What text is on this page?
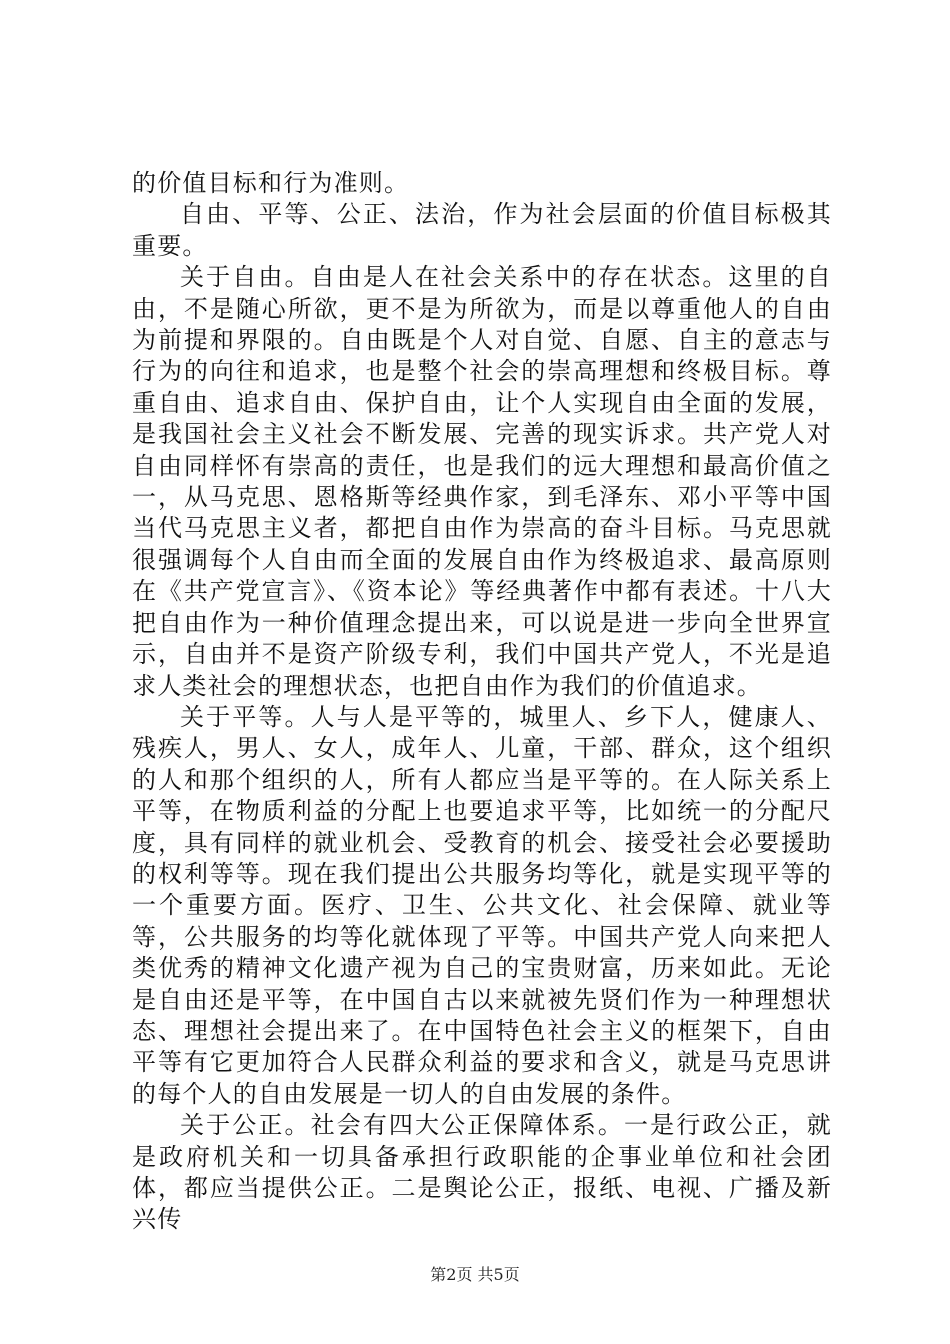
的价值目标和行为准则。

自由、平等、公正、法治，作为社会层面的价值目标极其重要。

关于自由。自由是人在社会关系中的存在状态。这里的自由，不是随心所欲，更不是为所欲为，而是以尊重他人的自由为前提和界限的。自由既是个人对自觉、自愿、自主的意志与行为的向往和追求，也是整个社会的崇高理想和终极目标。尊重自由、追求自由、保护自由，让个人实现自由全面的发展，是我国社会主义社会不断发展、完善的现实诉求。共产党人对自由同样怀有崇高的责任，也是我们的远大理想和最高价值之一，从马克思、恩格斯等经典作家，到毛泽东、邓小平等中国当代马克思主义者，都把自由作为崇高的奋斗目标。马克思就很强调每个人自由而全面的发展自由作为终极追求、最高原则在《共产党宣言》、《资本论》等经典著作中都有表述。十八大把自由作为一种价值理念提出来，可以说是进一步向全世界宣示，自由并不是资产阶级专利，我们中国共产党人，不光是追求人类社会的理想状态，也把自由作为我们的价值追求。

关于平等。人与人是平等的，城里人、乡下人，健康人、残疾人，男人、女人，成年人、儿童，干部、群众，这个组织的人和那个组织的人，所有人都应当是平等的。在人际关系上平等，在物质利益的分配上也要追求平等，比如统一的分配尺度，具有同样的就业机会、受教育的机会、接受社会必要援助的权利等等。现在我们提出公共服务均等化，就是实现平等的一个重要方面。医疗、卫生、公共文化、社会保障、就业等等，公共服务的均等化就体现了平等。中国共产党人向来把人类优秀的精神文化遗产视为自己的宝贵财富，历来如此。无论是自由还是平等，在中国自古以来就被先贤们作为一种理想状态、理想社会提出来了。在中国特色社会主义的框架下，自由平等有它更加符合人民群众利益的要求和含义，就是马克思讲的每个人的自由发展是一切人的自由发展的条件。

关于公正。社会有四大公正保障体系。一是行政公正，就是政府机关和一切具备承担行政职能的企事业单位和社会团体，都应当提供公正。二是舆论公正，报纸、电视、广播及新兴传

第2页 共5页
